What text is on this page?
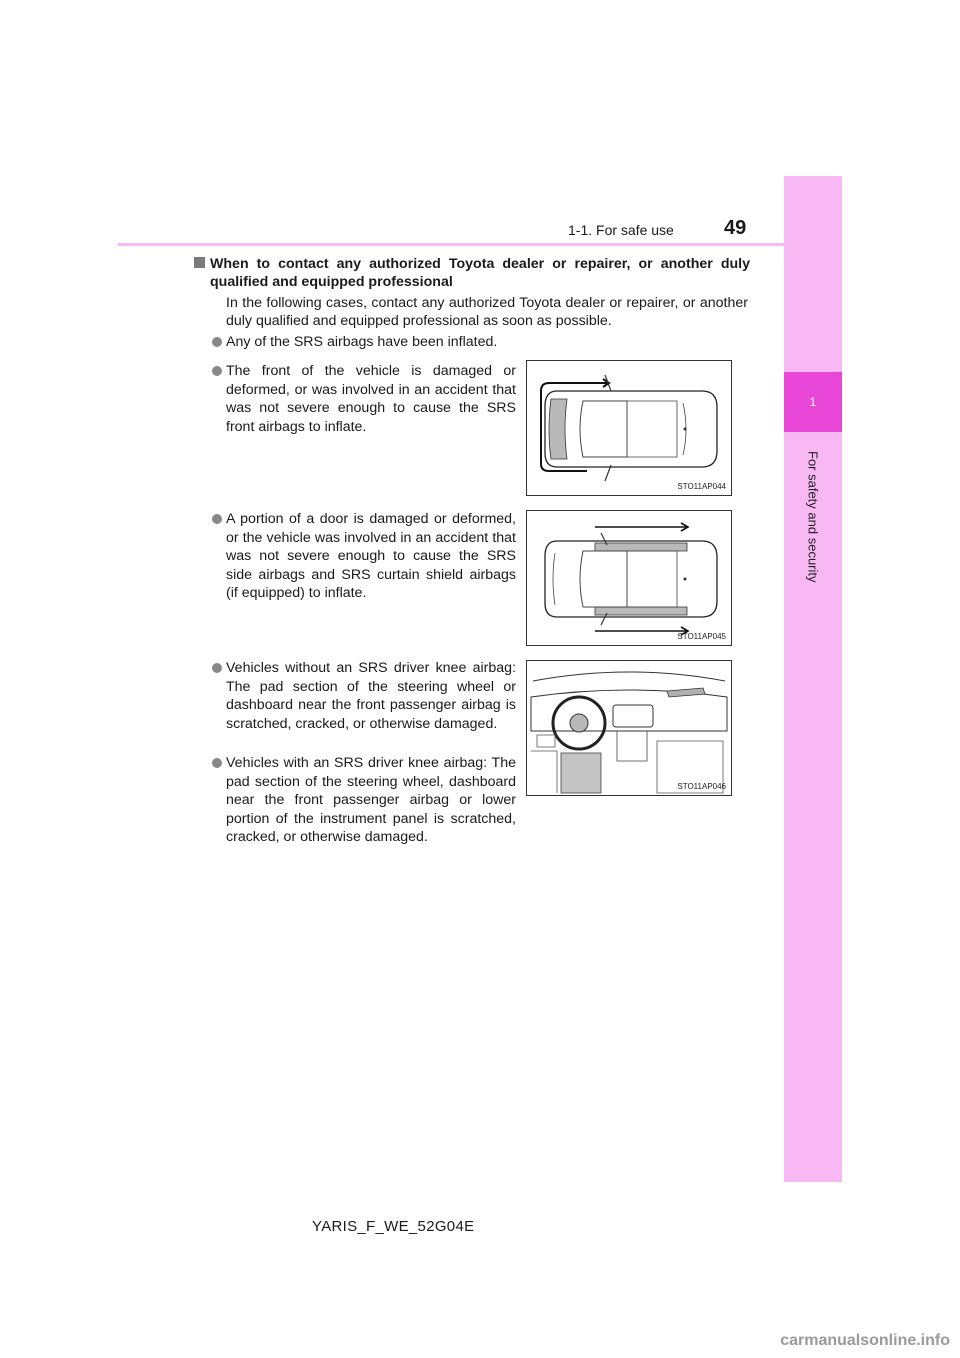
1
For safety and security
1-1. For safe use	49
When to contact any authorized Toyota dealer or repairer, or another duly qualified and equipped professional
In the following cases, contact any authorized Toyota dealer or repairer, or another duly qualified and equipped professional as soon as possible.
Any of the SRS airbags have been inflated.
The front of the vehicle is damaged or deformed, or was involved in an accident that was not severe enough to cause the SRS front airbags to inflate.
A portion of a door is damaged or deformed, or the vehicle was involved in an accident that was not severe enough to cause the SRS side airbags and SRS curtain shield airbags (if equipped) to inflate.
Vehicles without an SRS driver knee airbag: The pad section of the steering wheel or dashboard near the front passenger airbag is scratched, cracked, or otherwise damaged.
Vehicles with an SRS driver knee airbag: The pad section of the steering wheel, dashboard near the front passenger airbag or lower portion of the instrument panel is scratched, cracked, or otherwise damaged.
STO11AP044
STO11AP045
STO11AP046
YARIS_F_WE_52G04E
carmanualsonline.info
